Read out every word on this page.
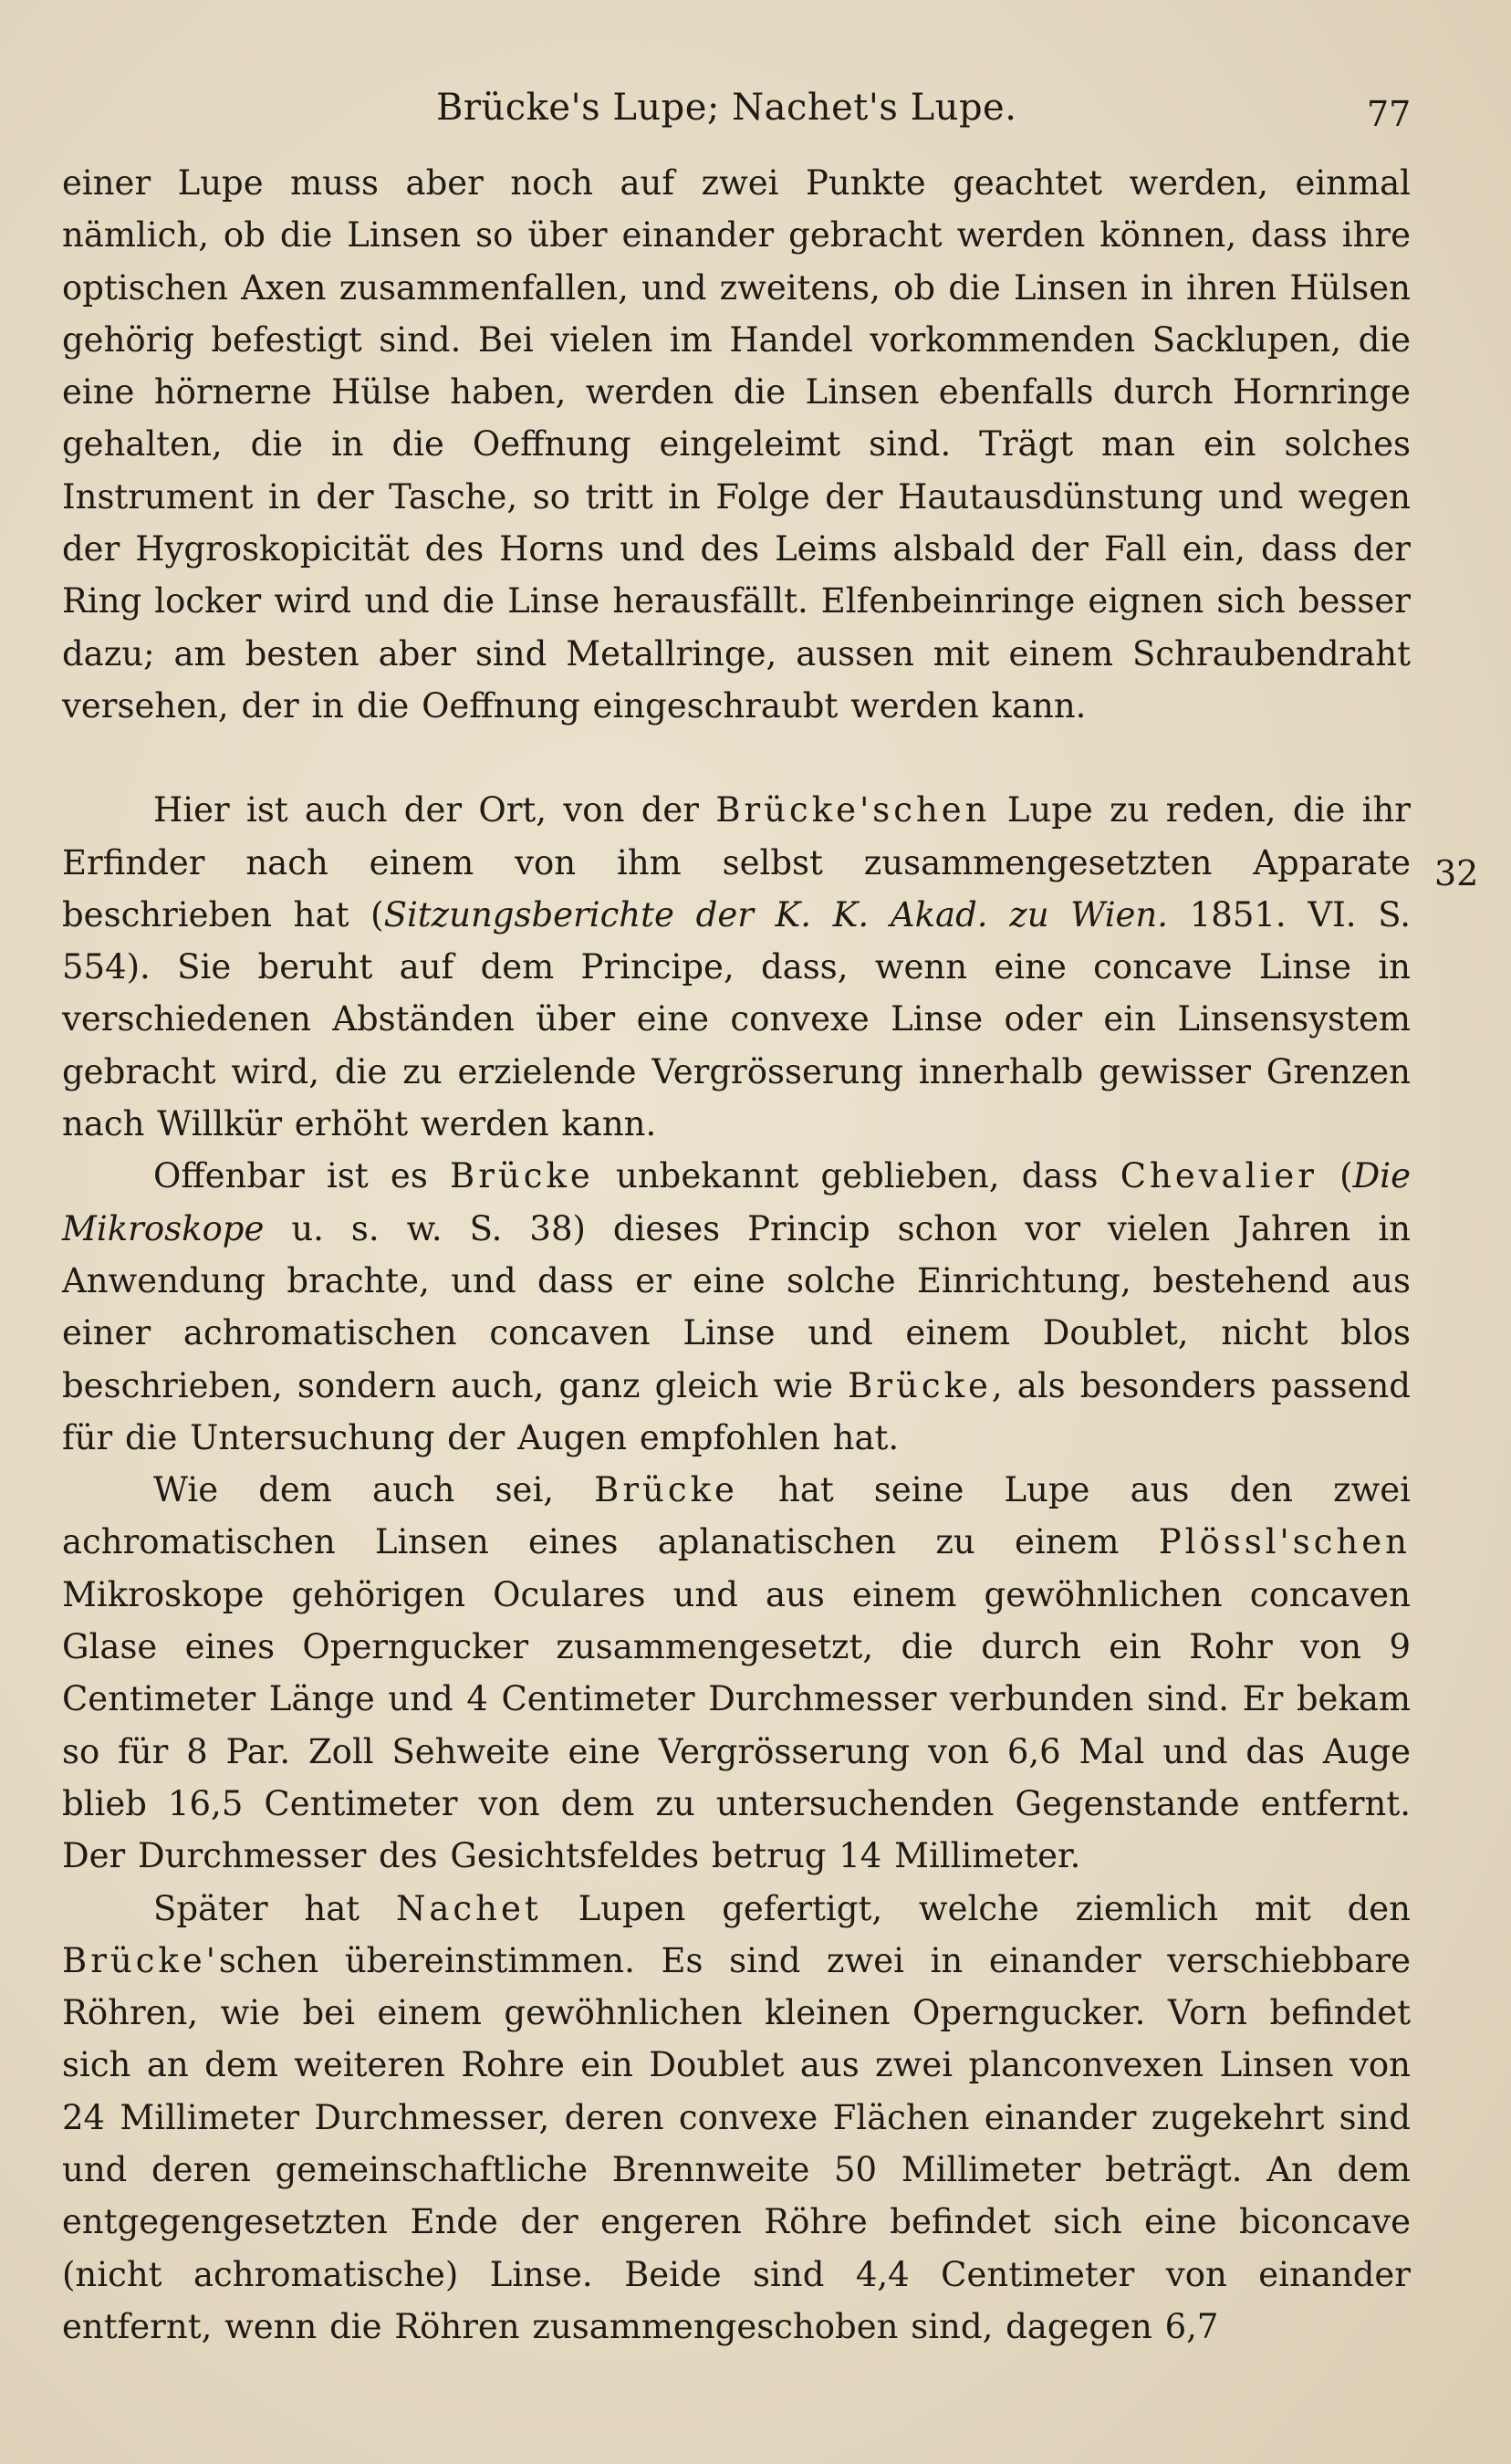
Brücke's Lupe; Nachet's Lupe.	77
32

einer Lupe muss aber noch auf zwei Punkte geachtet werden, einmal nämlich, ob die Linsen so über einander gebracht werden können, dass ihre optischen Axen zusammenfallen, und zweitens, ob die Linsen in ihren Hülsen gehörig befestigt sind. Bei vielen im Handel vorkommenden Sacklupen, die eine hörnerne Hülse haben, werden die Linsen ebenfalls durch Hornringe gehalten, die in die Oeffnung eingeleimt sind. Trägt man ein solches Instrument in der Tasche, so tritt in Folge der Hautausdünstung und wegen der Hygroskopicität des Horns und des Leims alsbald der Fall ein, dass der Ring locker wird und die Linse herausfällt. Elfenbeinringe eignen sich besser dazu; am besten aber sind Metallringe, aussen mit einem Schraubendraht versehen, der in die Oeffnung eingeschraubt werden kann.

Hier ist auch der Ort, von der Brücke'schen Lupe zu reden, die ihr Erfinder nach einem von ihm selbst zusammengesetzten Apparate beschrieben hat (Sitzungsberichte der K. K. Akad. zu Wien. 1851. VI. S. 554). Sie beruht auf dem Principe, dass, wenn eine concave Linse in verschiedenen Abständen über eine convexe Linse oder ein Linsensystem gebracht wird, die zu erzielende Vergrösserung innerhalb gewisser Grenzen nach Willkür erhöht werden kann.

Offenbar ist es Brücke unbekannt geblieben, dass Chevalier (Die Mikroskope u. s. w. S. 38) dieses Princip schon vor vielen Jahren in Anwendung brachte, und dass er eine solche Einrichtung, bestehend aus einer achromatischen concaven Linse und einem Doublet, nicht blos beschrieben, sondern auch, ganz gleich wie Brücke, als besonders passend für die Untersuchung der Augen empfohlen hat.

Wie dem auch sei, Brücke hat seine Lupe aus den zwei achromatischen Linsen eines aplanatischen zu einem Plössl'schen Mikroskope gehörigen Oculares und aus einem gewöhnlichen concaven Glase eines Operngucker zusammengesetzt, die durch ein Rohr von 9 Centimeter Länge und 4 Centimeter Durchmesser verbunden sind. Er bekam so für 8 Par. Zoll Sehweite eine Vergrösserung von 6,6 Mal und das Auge blieb 16,5 Centimeter von dem zu untersuchenden Gegenstande entfernt. Der Durchmesser des Gesichtsfeldes betrug 14 Millimeter.

Später hat Nachet Lupen gefertigt, welche ziemlich mit den Brücke'schen übereinstimmen. Es sind zwei in einander verschiebbare Röhren, wie bei einem gewöhnlichen kleinen Operngucker. Vorn befindet sich an dem weiteren Rohre ein Doublet aus zwei planconvexen Linsen von 24 Millimeter Durchmesser, deren convexe Flächen einander zugekehrt sind und deren gemeinschaftliche Brennweite 50 Millimeter beträgt. An dem entgegengesetzten Ende der engeren Röhre befindet sich eine biconcave (nicht achromatische) Linse. Beide sind 4,4 Centimeter von einander entfernt, wenn die Röhren zusammengeschoben sind, dagegen 6,7
